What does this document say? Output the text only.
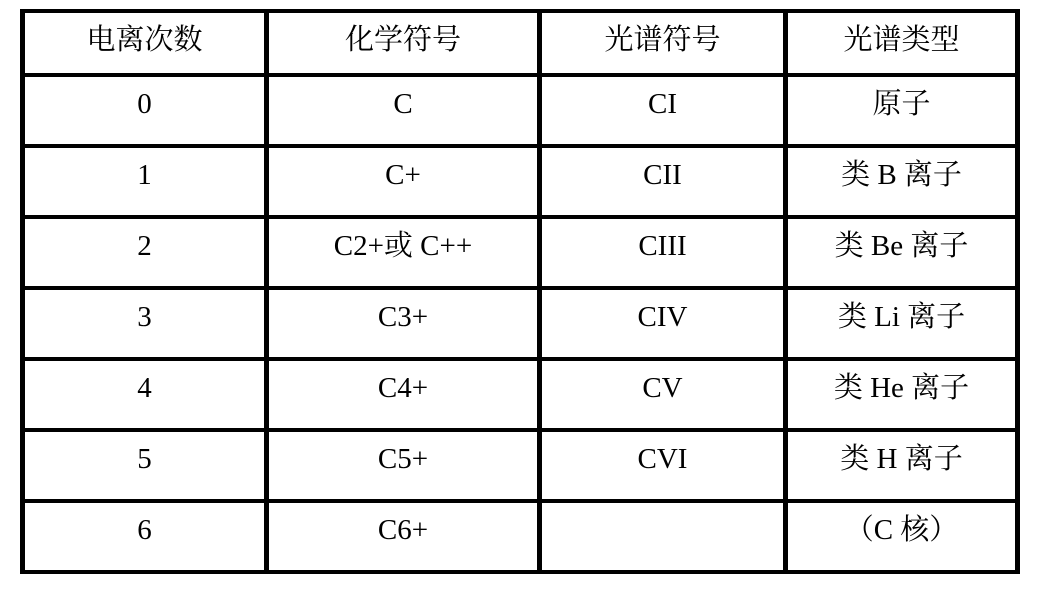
电离次数	化学符号	光谱符号	光谱类型
0	C	CI	原子
1	C+	CII	类 B 离子
2	C2+或 C++	CIII	类 Be 离子
3	C3+	CIV	类 Li 离子
4	C4+	CV	类 He 离子
5	C5+	CVI	类 H 离子
6	C6+		（C 核）
